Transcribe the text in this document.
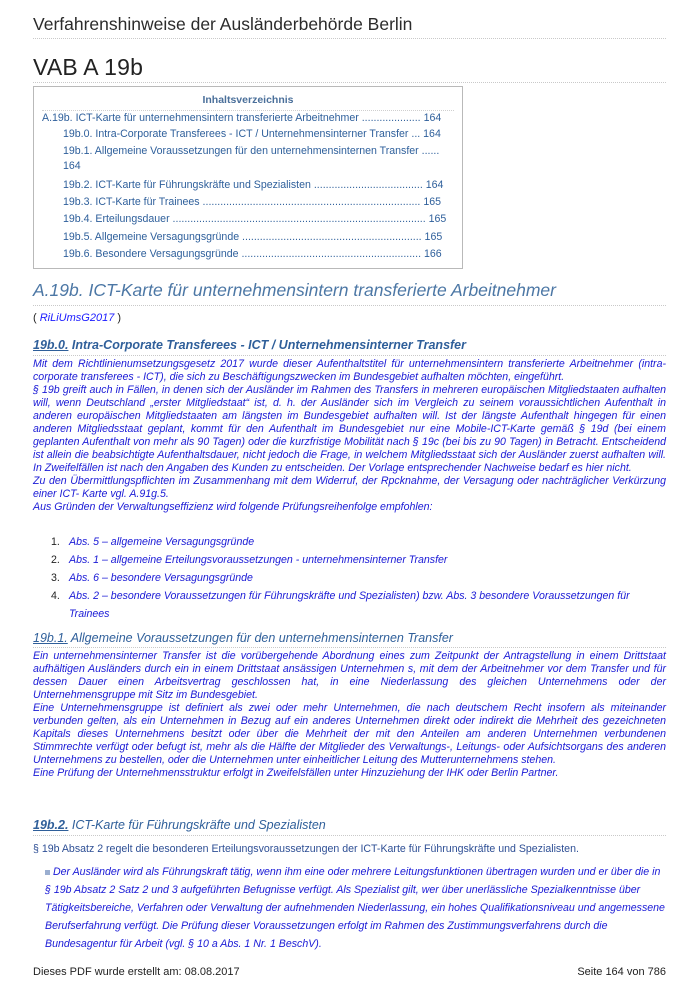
Verfahrenshinweise der Ausländerbehörde Berlin
VAB A 19b
Inhaltsverzeichnis
A.19b. ICT-Karte für unternehmensintern transferierte Arbeitnehmer .................... 164
19b.0. Intra-Corporate Transferees - ICT / Unternehmensinterner Transfer ... 164
19b.1. Allgemeine Voraussetzungen für den unternehmensinternen Transfer ...... 164
19b.2. ICT-Karte für Führungskräfte und Spezialisten ..................................... 164
19b.3. ICT-Karte für Trainees .......................................................................... 165
19b.4. Erteilungsdauer ...................................................................................... 165
19b.5. Allgemeine Versagungsgründe ............................................................. 165
19b.6. Besondere Versagungsgründe ............................................................. 166
A.19b. ICT-Karte für unternehmensintern transferierte Arbeitnehmer
( RiLiUmsG2017 )
19b.0. Intra-Corporate Transferees - ICT / Unternehmensinterner Transfer

Mit dem Richtlinienumsetzungsgesetz 2017 wurde dieser Aufenthaltstitel für unternehmensintern transferierte Arbeitnehmer (intra-corporate transferees - ICT), die sich zu Beschäftigungszwecken im Bundesgebiet aufhalten möchten, eingeführt.

§ 19b greift auch in Fällen, in denen sich der Ausländer im Rahmen des Transfers in mehreren europäischen Mitgliedstaaten aufhalten will, wenn Deutschland „erster Mitgliedstaat“ ist, d. h. der Ausländer sich im Vergleich zu seinem voraussichtlichen Aufenthalt in anderen europäischen Mitgliedstaaten am längsten im Bundesgebiet aufhalten will. Ist der längste Aufenthalt hingegen für einen anderen Mitgliedsstaat geplant, kommt für den Aufenthalt im Bundesgebiet nur eine Mobile-ICT-Karte gemäß § 19d (bei einem geplanten Aufenthalt von mehr als 90 Tagen) oder die kurzfristige Mobilität nach § 19c (bei bis zu 90 Tagen) in Betracht. Entscheidend ist allein die beabsichtigte Aufenthaltsdauer, nicht jedoch die Frage, in welchem Mitgliedsstaat sich der Ausländer zuerst aufhalten will. In Zweifelfällen ist nach den Angaben des Kunden zu entscheiden. Der Vorlage entsprechender Nachweise bedarf es hier nicht.

Zu den Übermittlungspflichten im Zusammenhang mit dem Widerruf, der Rpcknahme, der Versagung oder nachträglicher Verkürzung einer ICT- Karte vgl. A.91g.5.

Aus Gründen der Verwaltungseffizienz wird folgende Prüfungsreihenfolge empfohlen:

1. Abs. 5 – allgemeine Versagungsgründe
2. Abs. 1 – allgemeine Erteilungsvoraussetzungen - unternehmensinterner Transfer
3. Abs. 6 – besondere Versagungsgründe
4. Abs. 2 – besondere Voraussetzungen für Führungskräfte und Spezialisten) bzw. Abs. 3 besondere Voraussetzungen für Trainees
19b.1. Allgemeine Voraussetzungen für den unternehmensinternen Transfer

Ein unternehmensinterner Transfer ist die vorübergehende Abordnung eines zum Zeitpunkt der Antragstellung in einem Drittstaat aufhältigen Ausländers durch ein in einem Drittstaat ansässigen Unternehmen s, mit dem der Arbeitnehmer vor dem Transfer und für dessen Dauer einen Arbeitsvertrag geschlossen hat, in eine Niederlassung des gleichen Unternehmens oder der Unternehmensgruppe mit Sitz im Bundesgebiet.

Eine Unternehmensgruppe ist definiert als zwei oder mehr Unternehmen, die nach deutschem Recht insofern als miteinander verbunden gelten, als ein Unternehmen in Bezug auf ein anderes Unternehmen direkt oder indirekt die Mehrheit des gezeichneten Kapitals dieses Unternehmens besitzt oder über die Mehrheit der mit den Anteilen am anderen Unternehmen verbundenen Stimmrechte verfügt oder befugt ist, mehr als die Hälfte der Mitglieder des Verwaltungs-, Leitungs- oder Aufsichtsorgans des anderen Unternehmens zu bestellen, oder die Unternehmen unter einheitlicher Leitung des Mutterunternehmens stehen.

Eine Prüfung der Unternehmensstruktur erfolgt in Zweifelsfällen unter Hinzuziehung der IHK oder Berlin Partner.

19b.2. ICT-Karte für Führungskräfte und Spezialisten
§ 19b Absatz 2 regelt die besonderen Erteilungsvoraussetzungen der ICT-Karte für Führungskräfte und Spezialisten.
Der Ausländer wird als Führungskraft tätig, wenn ihm eine oder mehrere Leitungsfunktionen übertragen wurden und er über die in § 19b Absatz 2 Satz 2 und 3 aufgeführten Befugnisse verfügt. Als Spezialist gilt, wer über unerlässliche Spezialkenntnisse über Tätigkeitsbereiche, Verfahren oder Verwaltung der aufnehmenden Niederlassung, ein hohes Qualifikationsniveau und angemessene Berufserfahrung verfügt. Die Prüfung dieser Voraussetzungen erfolgt im Rahmen des Zustimmungsverfahrens durch die Bundesagentur für Arbeit (vgl. § 10 a Abs. 1 Nr. 1 BeschV).
Dieses PDF wurde erstellt am: 08.08.2017	Seite 164 von 786
